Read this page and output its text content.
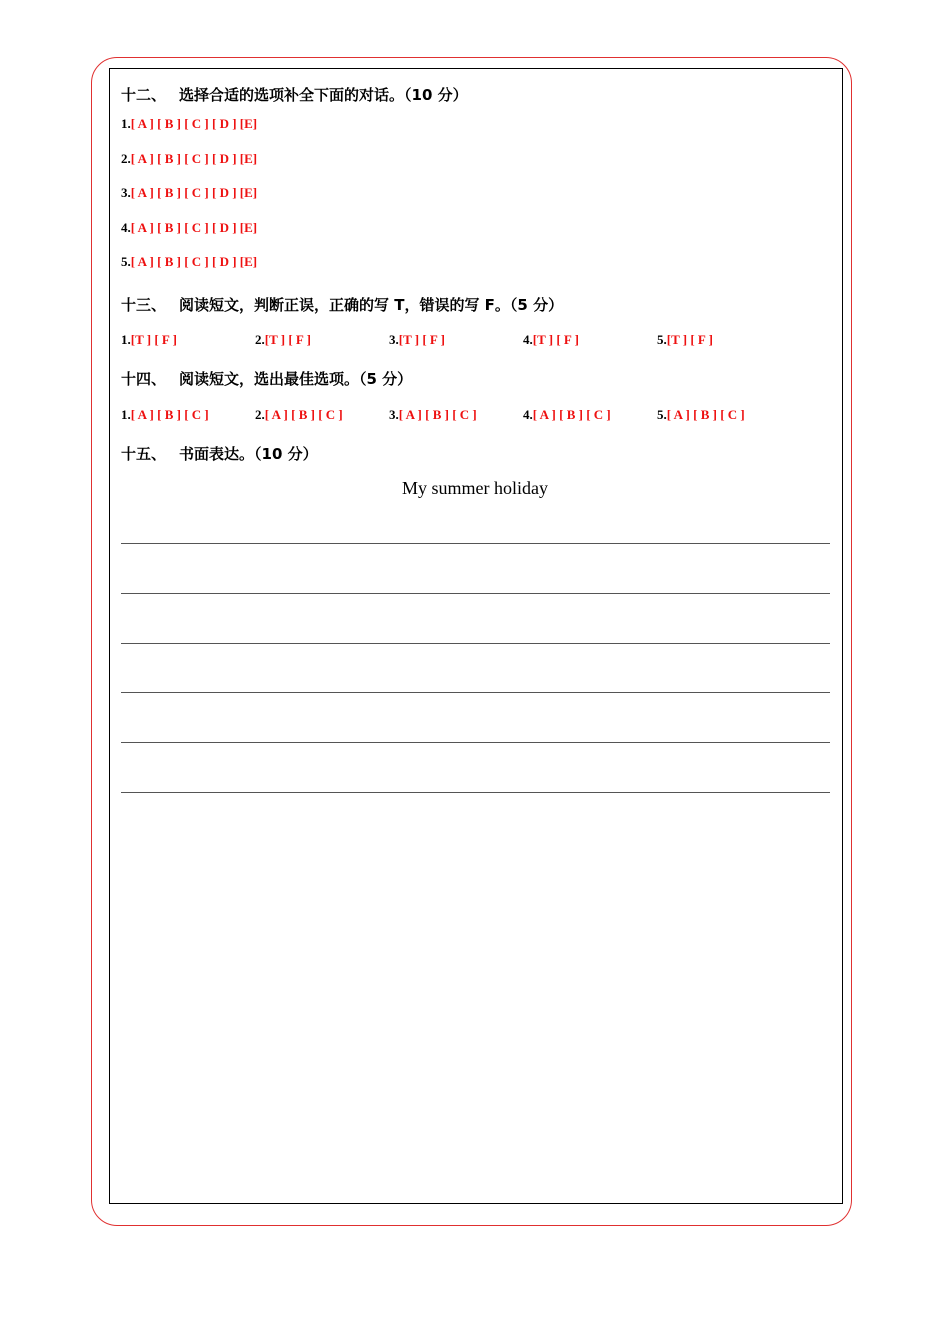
十二、 选择合适的选项补全下面的对话。（10 分）
1.[ A ] [ B ] [ C ] [ D ] [E]
2.[ A ] [ B ] [ C ] [ D ] [E]
3.[ A ] [ B ] [ C ] [ D ] [E]
4.[ A ] [ B ] [ C ] [ D ] [E]
5.[ A ] [ B ] [ C ] [ D ] [E]
十三、 阅读短文，判断正误，正确的写 T，错误的写 F。（5 分）
1.[T ] [ F ]	2.[T ] [ F ]	3.[T ] [ F ]	4.[T ] [ F ]	5.[T ] [ F ]
十四、 阅读短文，选出最佳选项。（5 分）
1.[ A ] [ B ] [ C ]	2.[ A ] [ B ] [ C ]	3.[ A ] [ B ] [ C ]	4.[ A ] [ B ] [ C ]	5.[ A ] [ B ] [ C ]
十五、 书面表达。（10 分）
My summer holiday
